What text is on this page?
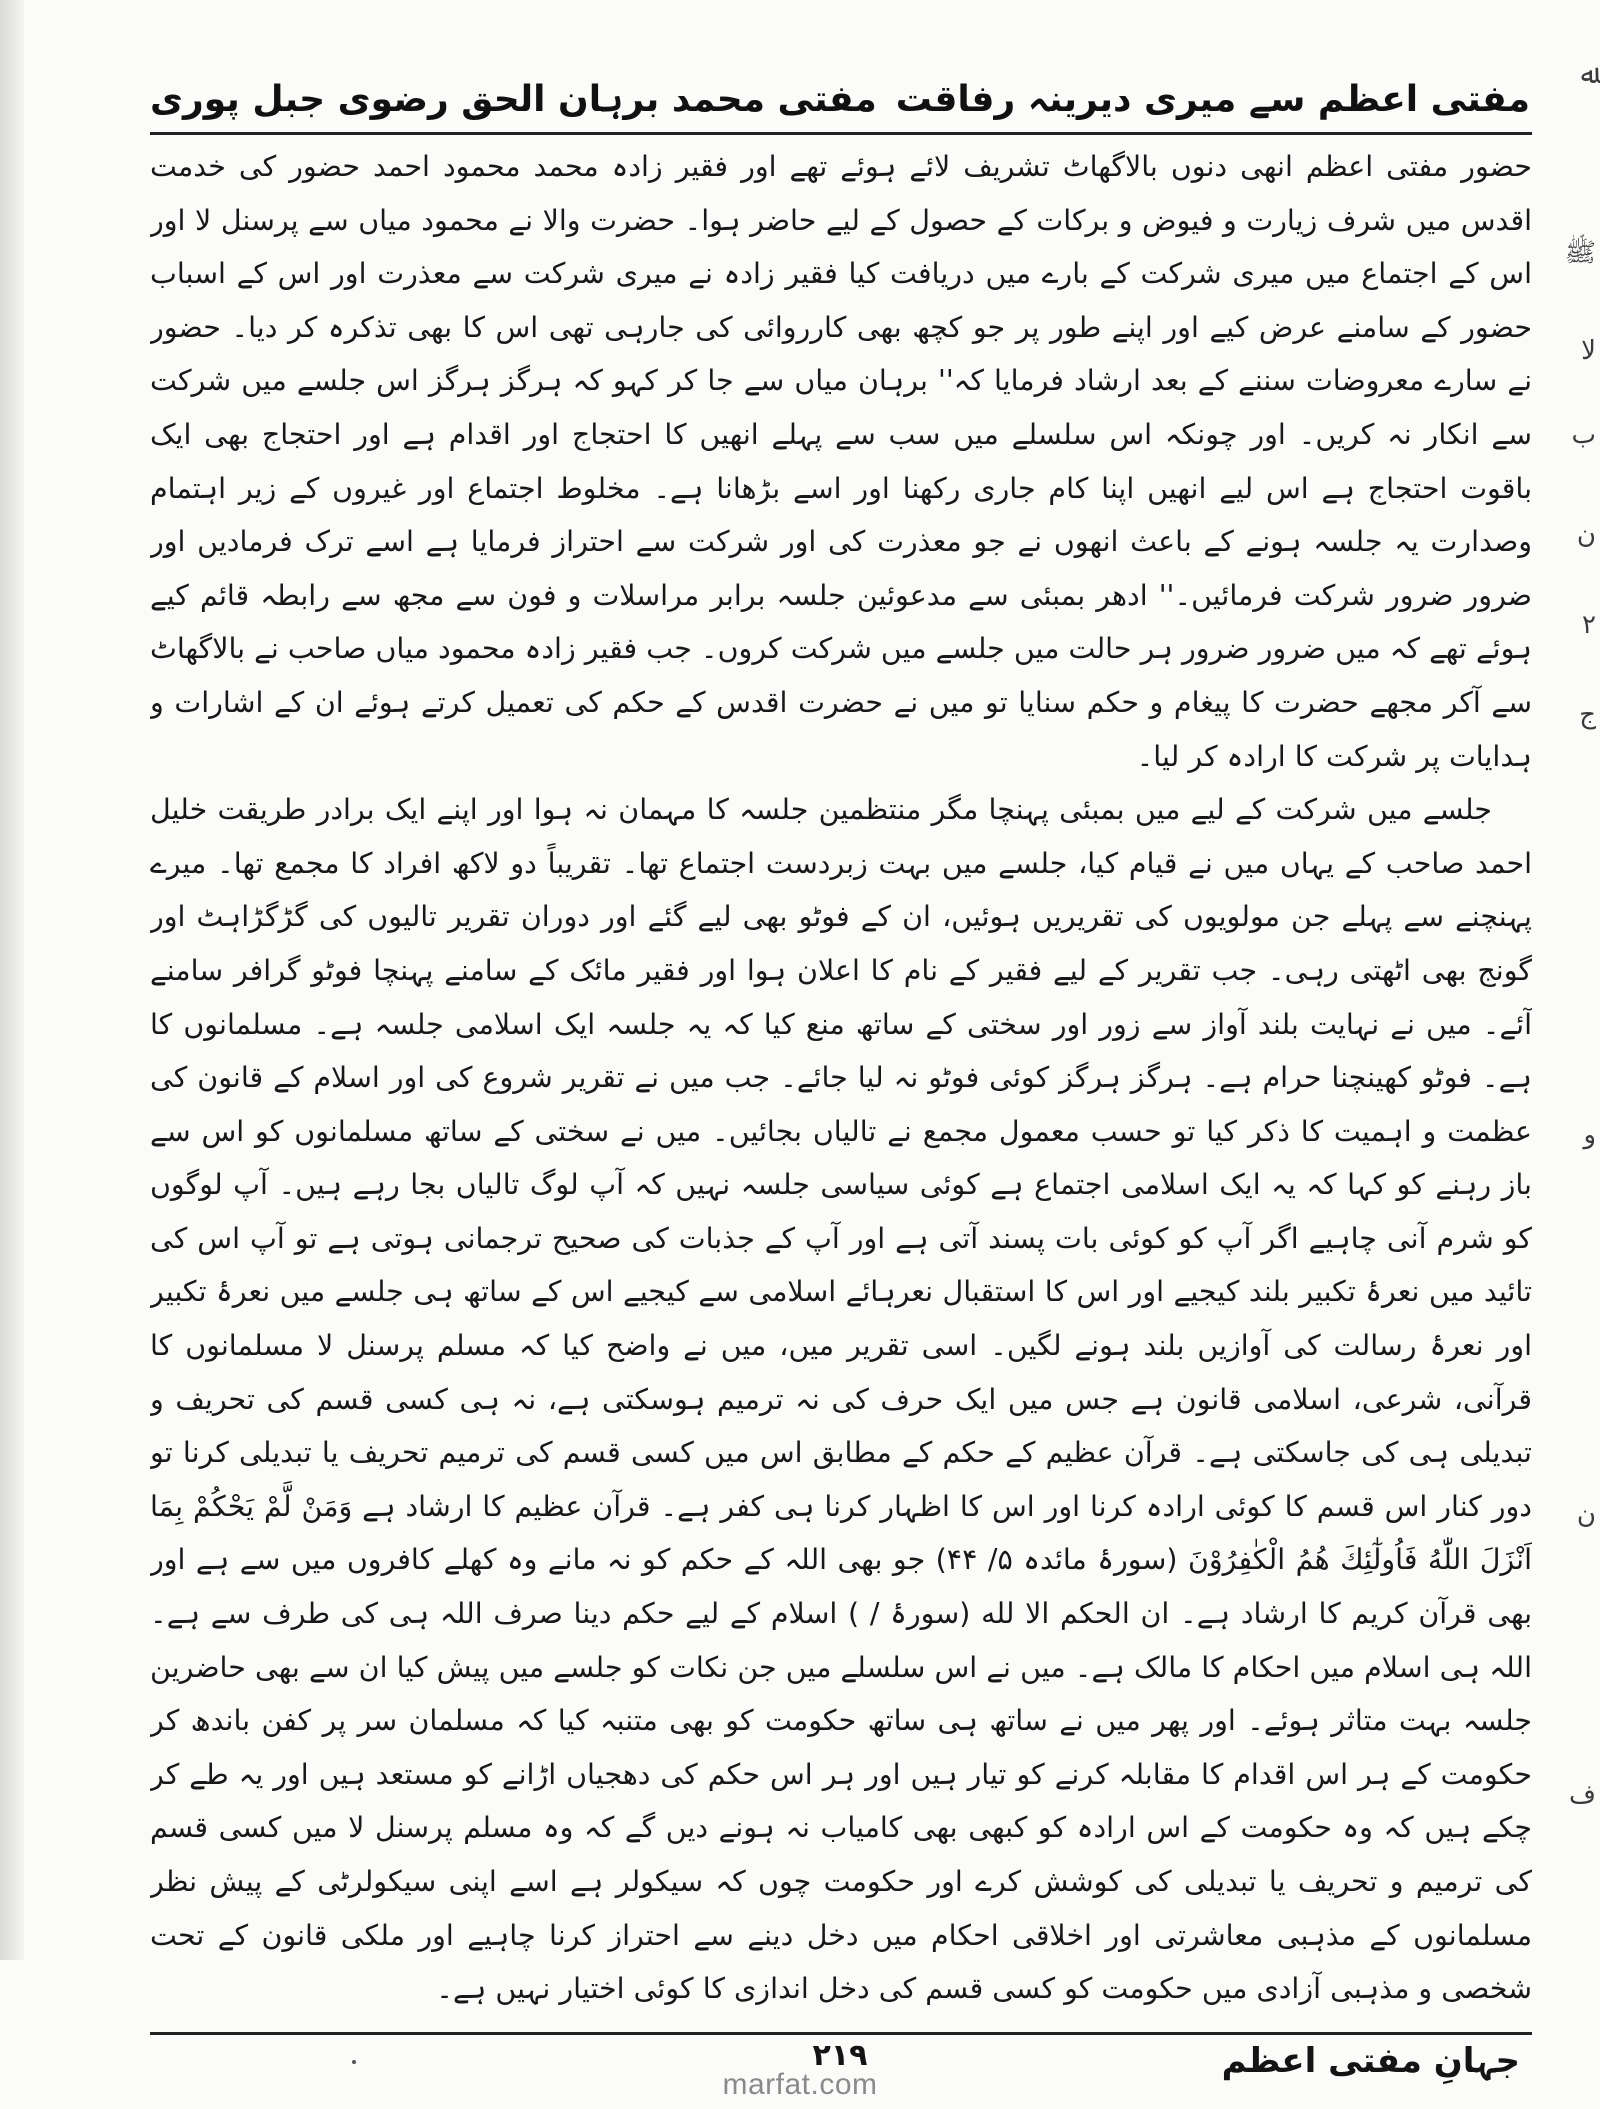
ﷲ
ﷺ
لا
ب
ن
۲
ج
و
ن
ف
مفتی اعظم سے میری دیرینہ رفاقت
مفتی محمد برہان الحق رضوی جبل پوری

حضور مفتی اعظم انھی دنوں بالاگھاٹ تشریف لائے ہوئے تھے اور فقیر زادہ محمد محمود احمد حضور کی خدمت اقدس میں شرف زیارت و فیوض و برکات کے حصول کے لیے حاضر ہوا۔ حضرت والا نے محمود میاں سے پرسنل لا اور اس کے اجتماع میں میری شرکت کے بارے میں دریافت کیا فقیر زادہ نے میری شرکت سے معذرت اور اس کے اسباب حضور کے سامنے عرض کیے اور اپنے طور پر جو کچھ بھی کارروائی کی جارہی تھی اس کا بھی تذکرہ کر دیا۔ حضور نے سارے معروضات سننے کے بعد ارشاد فرمایا کہ'' برہان میاں سے جا کر کہو کہ ہرگز ہرگز اس جلسے میں شرکت سے انکار نہ کریں۔ اور چونکہ اس سلسلے میں سب سے پہلے انھیں کا احتجاج اور اقدام ہے اور احتجاج بھی ایک باقوت احتجاج ہے اس لیے انھیں اپنا کام جاری رکھنا اور اسے بڑھانا ہے۔ مخلوط اجتماع اور غیروں کے زیر اہتمام وصدارت یہ جلسہ ہونے کے باعث انھوں نے جو معذرت کی اور شرکت سے احتراز فرمایا ہے اسے ترک فرمادیں اور ضرور ضرور شرکت فرمائیں۔'' ادھر بمبئی سے مدعوئین جلسہ برابر مراسلات و فون سے مجھ سے رابطہ قائم کیے ہوئے تھے کہ میں ضرور ضرور ہر حالت میں جلسے میں شرکت کروں۔ جب فقیر زادہ محمود میاں صاحب نے بالاگھاٹ سے آکر مجھے حضرت کا پیغام و حکم سنایا تو میں نے حضرت اقدس کے حکم کی تعمیل کرتے ہوئے ان کے اشارات و ہدایات پر شرکت کا ارادہ کر لیا۔

جلسے میں شرکت کے لیے میں بمبئی پہنچا مگر منتظمین جلسہ کا مہمان نہ ہوا اور اپنے ایک برادر طریقت خلیل احمد صاحب کے یہاں میں نے قیام کیا، جلسے میں بہت زبردست اجتماع تھا۔ تقریباً دو لاکھ افراد کا مجمع تھا۔ میرے پہنچنے سے پہلے جن مولویوں کی تقریریں ہوئیں، ان کے فوٹو بھی لیے گئے اور دوران تقریر تالیوں کی گڑگڑاہٹ اور گونج بھی اٹھتی رہی۔ جب تقریر کے لیے فقیر کے نام کا اعلان ہوا اور فقیر مائک کے سامنے پہنچا فوٹو گرافر سامنے آئے۔ میں نے نہایت بلند آواز سے زور اور سختی کے ساتھ منع کیا کہ یہ جلسہ ایک اسلامی جلسہ ہے۔ مسلمانوں کا ہے۔ فوٹو کھینچنا حرام ہے۔ ہرگز ہرگز کوئی فوٹو نہ لیا جائے۔ جب میں نے تقریر شروع کی اور اسلام کے قانون کی عظمت و اہمیت کا ذکر کیا تو حسب معمول مجمع نے تالیاں بجائیں۔ میں نے سختی کے ساتھ مسلمانوں کو اس سے باز رہنے کو کہا کہ یہ ایک اسلامی اجتماع ہے کوئی سیاسی جلسہ نہیں کہ آپ لوگ تالیاں بجا رہے ہیں۔ آپ لوگوں کو شرم آنی چاہیے اگر آپ کو کوئی بات پسند آتی ہے اور آپ کے جذبات کی صحیح ترجمانی ہوتی ہے تو آپ اس کی تائید میں نعرۂ تکبیر بلند کیجیے اور اس کا استقبال نعرہائے اسلامی سے کیجیے اس کے ساتھ ہی جلسے میں نعرۂ تکبیر اور نعرۂ رسالت کی آوازیں بلند ہونے لگیں۔ اسی تقریر میں، میں نے واضح کیا کہ مسلم پرسنل لا مسلمانوں کا قرآنی، شرعی، اسلامی قانون ہے جس میں ایک حرف کی نہ ترمیم ہوسکتی ہے، نہ ہی کسی قسم کی تحریف و تبدیلی ہی کی جاسکتی ہے۔ قرآن عظیم کے حکم کے مطابق اس میں کسی قسم کی ترمیم تحریف یا تبدیلی کرنا تو دور کنار اس قسم کا کوئی ارادہ کرنا اور اس کا اظہار کرنا ہی کفر ہے۔ قرآن عظیم کا ارشاد ہے وَمَنْ لَّمْ يَحْكُمْ بِمَا اَنْزَلَ اللّٰهُ فَاُولٰٓئِكَ هُمُ الْكٰفِرُوْنَ (سورۂ مائدہ ۵/ ۴۴) جو بھی اللہ کے حکم کو نہ مانے وہ کھلے کافروں میں سے ہے اور بھی قرآن کریم کا ارشاد ہے۔ ان الحكم الا لله (سورۂ / ) اسلام کے لیے حکم دینا صرف اللہ ہی کی طرف سے ہے۔ اللہ ہی اسلام میں احکام کا مالک ہے۔ میں نے اس سلسلے میں جن نکات کو جلسے میں پیش کیا ان سے بھی حاضرین جلسہ بہت متاثر ہوئے۔ اور پھر میں نے ساتھ ہی ساتھ حکومت کو بھی متنبہ کیا کہ مسلمان سر پر کفن باندھ کر حکومت کے ہر اس اقدام کا مقابلہ کرنے کو تیار ہیں اور ہر اس حکم کی دھجیاں اڑانے کو مستعد ہیں اور یہ طے کر چکے ہیں کہ وہ حکومت کے اس ارادہ کو کبھی بھی کامیاب نہ ہونے دیں گے کہ وہ مسلم پرسنل لا میں کسی قسم کی ترمیم و تحریف یا تبدیلی کی کوشش کرے اور حکومت چوں کہ سیکولر ہے اسے اپنی سیکولرٹی کے پیش نظر مسلمانوں کے مذہبی معاشرتی اور اخلاقی احکام میں دخل دینے سے احتراز کرنا چاہیے اور ملکی قانون کے تحت شخصی و مذہبی آزادی میں حکومت کو کسی قسم کی دخل اندازی کا کوئی اختیار نہیں ہے۔

جہانِ مفتی اعظم
۲۱۹
marfat.com
